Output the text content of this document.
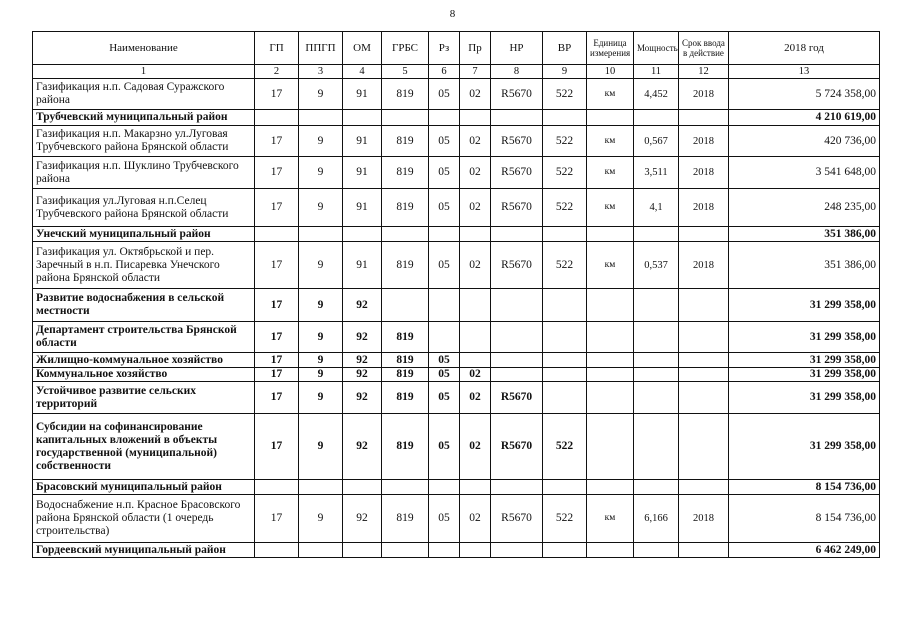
8
Наименование	ГП	ППГП	ОМ	ГРБС	Рз	Пр	НР	ВР	Единица измерения	Мощность	Срок ввода в действие	2018 год
1	2	3	4	5	6	7	8	9	10	11	12	13
Газификация н.п. Садовая Суражского района	17	9	91	819	05	02	R5670	522	км	4,452	2018	5 724 358,00
Трубчевский муниципальный район												4 210 619,00
Газификация н.п. Макарзно ул.Луговая Трубчевского района Брянской области	17	9	91	819	05	02	R5670	522	км	0,567	2018	420 736,00
Газификация н.п. Шуклино Трубчевского района	17	9	91	819	05	02	R5670	522	км	3,511	2018	3 541 648,00
Газификация ул.Луговая н.п.Селец Трубчевского района Брянской области	17	9	91	819	05	02	R5670	522	км	4,1	2018	248 235,00
Унечский муниципальный район												351 386,00
Газификация ул. Октябрьской и пер. Заречный в н.п. Писаревка Унечского района Брянской области	17	9	91	819	05	02	R5670	522	км	0,537	2018	351 386,00
Развитие водоснабжения в сельской местности	17	9	92									31 299 358,00
Департамент строительства Брянской области	17	9	92	819								31 299 358,00
Жилищно-коммунальное хозяйство	17	9	92	819	05							31 299 358,00
Коммунальное хозяйство	17	9	92	819	05	02						31 299 358,00
Устойчивое развитие сельских территорий	17	9	92	819	05	02	R5670					31 299 358,00
Субсидии на софинансирование капитальных вложений в объекты государственной (муниципальной) собственности	17	9	92	819	05	02	R5670	522				31 299 358,00
Брасовский муниципальный район												8 154 736,00
Водоснабжение н.п. Красное Брасовского района Брянской области (1 очередь строительства)	17	9	92	819	05	02	R5670	522	км	6,166	2018	8 154 736,00
Гордеевский муниципальный район												6 462 249,00
